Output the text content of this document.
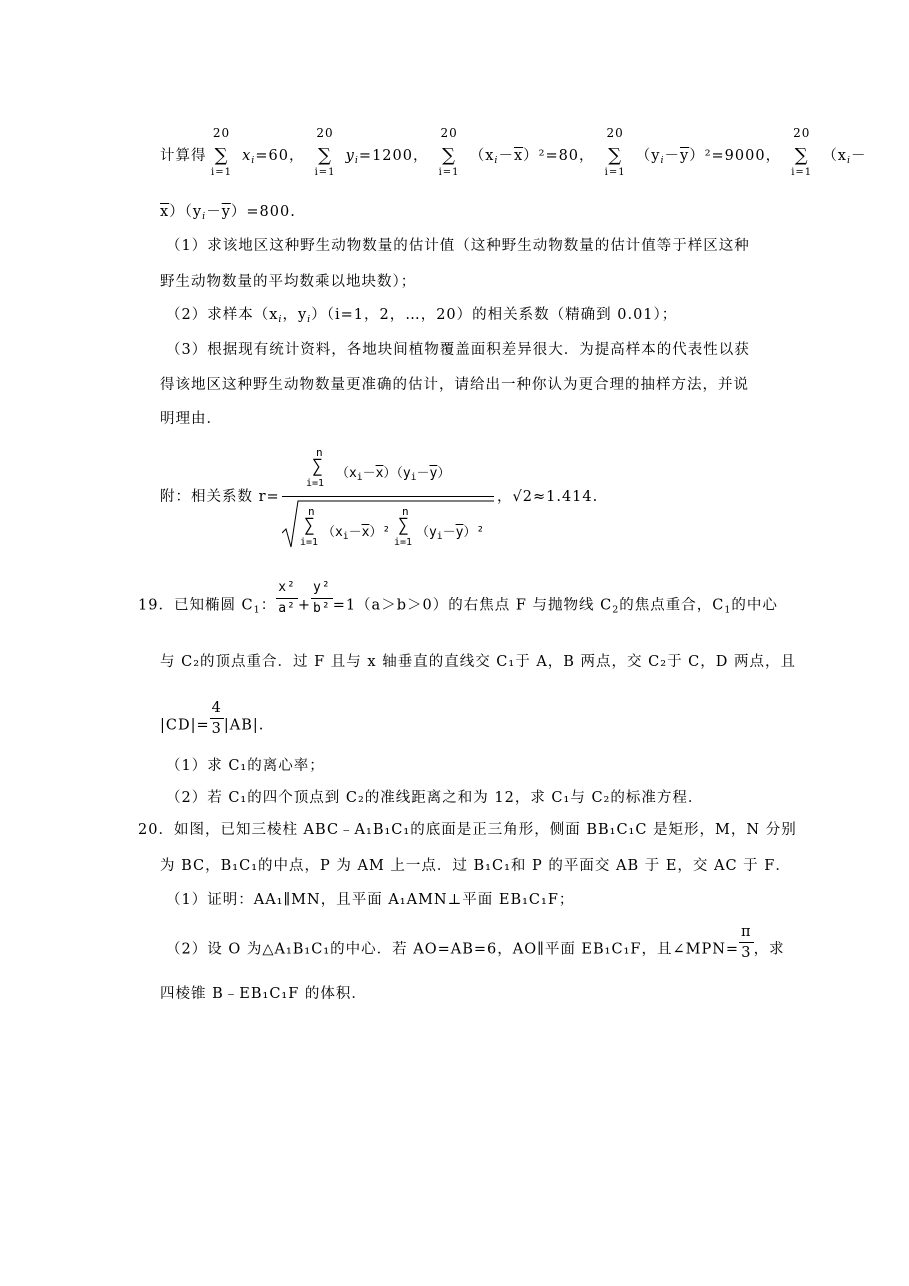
计算得
20
∑
i=1
$x_i=60$，
20
∑
i=1
$y_i=1200$，
20
∑
i=1
$(x_i-\overline{x})^2=80$，
20
∑
i=1
$(y_i-\overline{y})^2=9000$，
20
∑
i=1
（$x_i-$
$\overline{x})(y_i-\overline{y})=800$.
（1）求该地区这种野生动物数量的估计值（这种野生动物数量的估计值等于样区这种
野生动物数量的平均数乘以地块数）；
（2）求样本（$x_i$，$y_i)(i=1$，2，…，20）的相关系数（精确到 0.01）；
（3）根据现有统计资料，各地块间植物覆盖面积差异很大．为提高样本的代表性以获
得该地区这种野生动物数量更准确的估计，请给出一种你认为更合理的抽样方法，并说
明理由．
附：相关系数 r=
n
∑
i=1
$(x_i-\overline{x})(y_i-\overline{y})$
n
∑
i=1
$(x_i-\overline{x})^2$
n
∑
i=1
$(y_i-\overline{y})^2$
，√2≈1.414.
19．已知椭圆 $C_1$： $\frac{\text{x²}}{\text{a²}} + \frac{\text{y²}}{\text{b²}} =1(a>b>0)$的右焦点 F 与抛物线 $C_2$的焦点重合，$C_1$的中心
与 C₂的顶点重合．过 F 且与 x 轴垂直的直线交 C₁于 A，B 两点，交 C₂于 C，D 两点，且
$|CD|= \frac{4}{3} |AB|$.
（1）求 C₁的离心率；
（2）若 C₁的四个顶点到 C₂的准线距离之和为 12，求 C₁与 C₂的标准方程．
20．如图，已知三棱柱 ABC﹣A₁B₁C₁的底面是正三角形，侧面 BB₁C₁C 是矩形，M，N 分别
为 BC，B₁C₁的中点，P 为 AM 上一点．过 B₁C₁和 P 的平面交 AB 于 E，交 AC 于 F．
（1）证明：AA₁∥MN，且平面 A₁AMN⊥平面 EB₁C₁F；
（2）设 O 为△A₁B₁C₁的中心．若 AO=AB=6，AO∥平面 EB₁C₁F，且∠MPN= $\frac{\pi}{3}$ ，求
四棱锥 B﹣EB₁C₁F 的体积．
